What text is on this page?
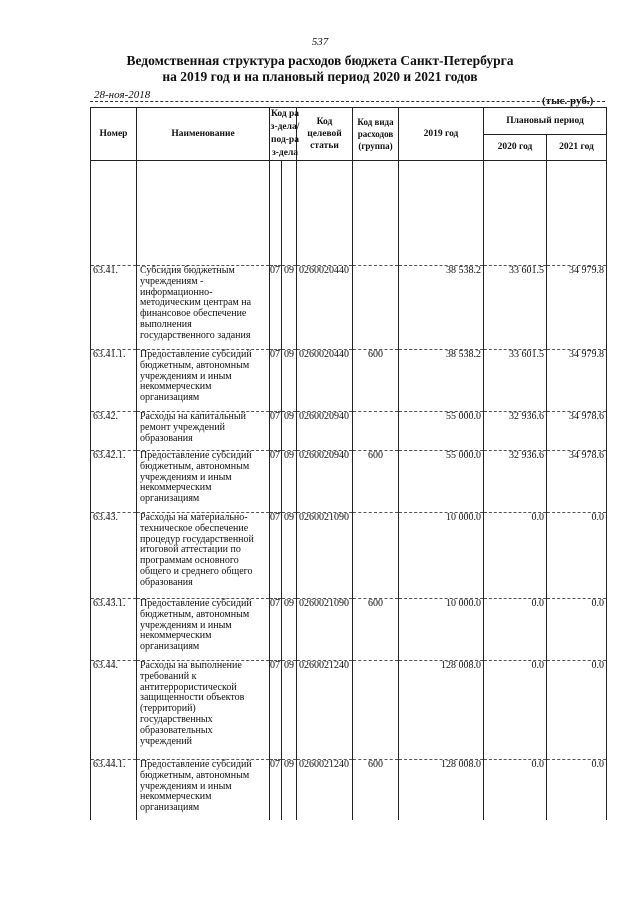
537
Ведомственная структура расходов бюджета Санкт-Петербурга
на 2019 год и на плановый период 2020 и 2021 годов
28-ноя-2018	(тыс. руб.)
Номер	Наименование	Код раз-дела/ под-раз-дела		Код целевой статьи	Код вида расходов (группа)	2019 год	Плановый период	
							2020 год	2021 год

63.41.	Субсидия бюджетным учреждениям - информационно-методическим центрам на финансовое обеспечение выполнения государственного задания	07	09	0260020440		38 538.2	33 601.5	34 979.8
63.41.1.	Предоставление субсидий бюджетным, автономным учреждениям и иным некоммерческим организациям	07	09	0260020440	600	38 538.2	33 601.5	34 979.8
63.42.	Расходы на капитальный ремонт учреждений образования	07	09	0260020940		55 000.0	32 936.6	34 978.6
63.42.1.	Предоставление субсидий бюджетным, автономным учреждениям и иным некоммерческим организациям	07	09	0260020940	600	55 000.0	32 936.6	34 978.6
63.43.	Расходы на материально-техническое обеспечение процедур государственной итоговой аттестации по программам основного общего и среднего общего образования	07	09	0260021090		10 000.0	0.0	0.0
63.43.1.	Предоставление субсидий бюджетным, автономным учреждениям и иным некоммерческим организациям	07	09	0260021090	600	10 000.0	0.0	0.0
63.44.	Расходы на выполнение требований к антитеррористической защищенности объектов (территорий) государственных образовательных учреждений	07	09	0260021240		128 008.0	0.0	0.0
63.44.1.	Предоставление субсидий бюджетным, автономным учреждениям и иным некоммерческим организациям	07	09	0260021240	600	128 008.0	0.0	0.0
